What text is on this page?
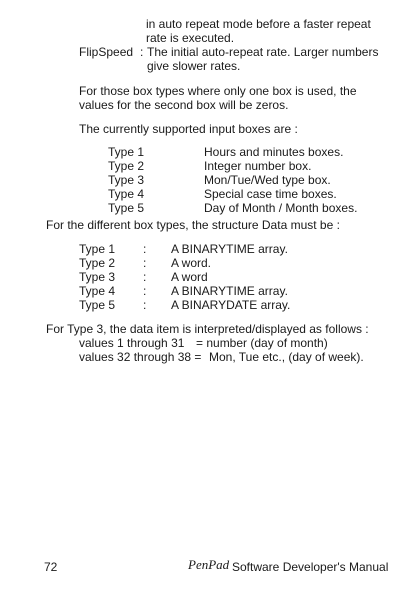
in auto repeat mode before a faster repeat
rate is executed.
FlipSpeed : The initial auto-repeat rate. Larger numbers
give slower rates.
For those box types where only one box is used, the
values for the second box will be zeros.
The currently supported input boxes are :
Type 1	Hours and minutes boxes.
Type 2	Integer number box.
Type 3	Mon/Tue/Wed type box.
Type 4	Special case time boxes.
Type 5	Day of Month / Month boxes.
For the different box types, the structure Data must be :
Type 1 : A BINARYTIME array.
Type 2 : A word.
Type 3 : A word
Type 4 : A BINARYTIME array.
Type 5 : A BINARYDATE array.
For Type 3, the data item is interpreted/displayed as follows :
values 1 through 31 = number (day of month)
values 32 through 38 = Mon, Tue etc., (day of week).
72	PenPad Software Developer's Manual
